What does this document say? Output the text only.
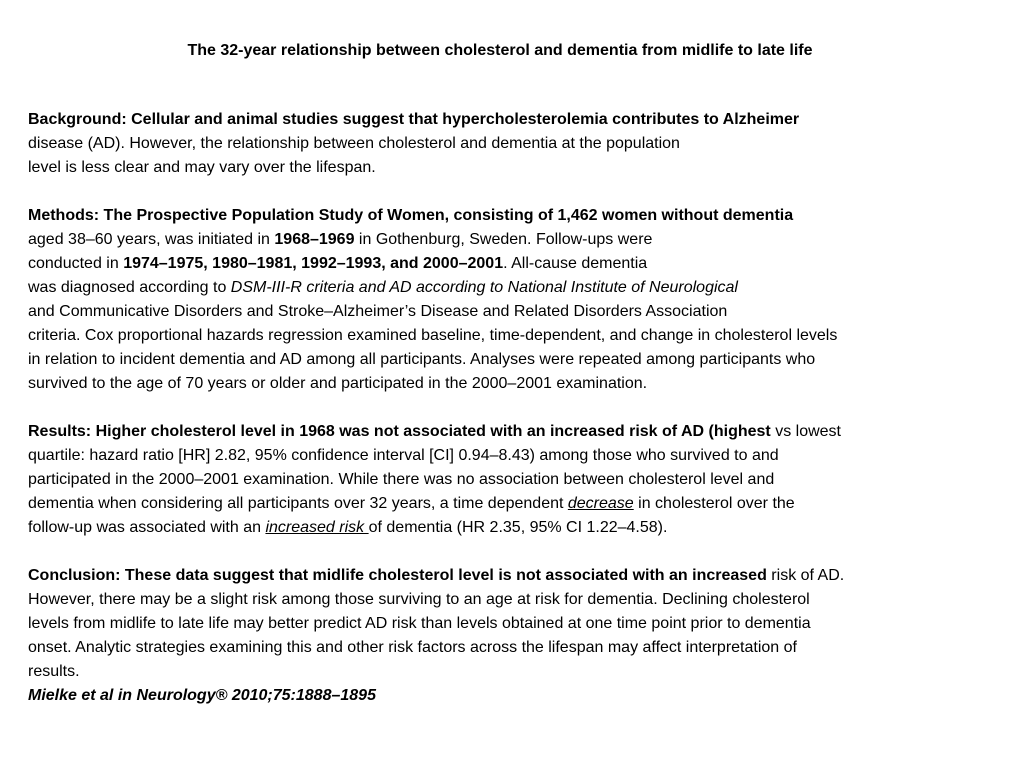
The 32-year relationship between cholesterol and dementia from midlife to late life
Background: Cellular and animal studies suggest that hypercholesterolemia contributes to Alzheimer
disease (AD). However, the relationship between cholesterol and dementia at the population
level is less clear and may vary over the lifespan.
Methods: The Prospective Population Study of Women, consisting of 1,462 women without dementia
aged 38–60 years, was initiated in 1968–1969 in Gothenburg, Sweden. Follow-ups were
conducted in 1974–1975, 1980–1981, 1992–1993, and 2000–2001. All-cause dementia
was diagnosed according to DSM-III-R criteria and AD according to National Institute of Neurological
and Communicative Disorders and Stroke–Alzheimer’s Disease and Related Disorders Association
criteria. Cox proportional hazards regression examined baseline, time-dependent, and change in cholesterol levels
in relation to incident dementia and AD among all participants. Analyses were repeated among participants who
survived to the age of 70 years or older and participated in the 2000–2001 examination.
Results: Higher cholesterol level in 1968 was not associated with an increased risk of AD (highest vs lowest
quartile: hazard ratio [HR] 2.82, 95% confidence interval [CI] 0.94–8.43) among those who survived to and
participated in the 2000–2001 examination. While there was no association between cholesterol level and
dementia when considering all participants over 32 years, a time dependent decrease in cholesterol over the
follow-up was associated with an increased risk of dementia (HR 2.35, 95% CI 1.22–4.58).
Conclusion: These data suggest that midlife cholesterol level is not associated with an increased risk of AD.
However, there may be a slight risk among those surviving to an age at risk for dementia. Declining cholesterol
levels from midlife to late life may better predict AD risk than levels obtained at one time point prior to dementia
onset. Analytic strategies examining this and other risk factors across the lifespan may affect interpretation of
results.
Mielke et al in Neurology® 2010;75:1888–1895
